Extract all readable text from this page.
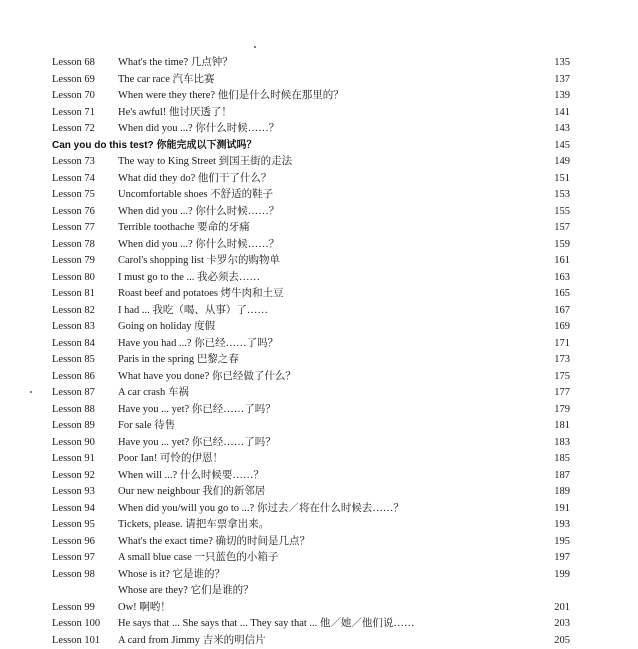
Lesson 68 What's the time? 几点钟？	135
Lesson 69 The car race 汽车比赛	137
Lesson 70 When were they there? 他们是什么时候在那里的？	139
Lesson 71 He's awful! 他讨厌透了！	141
Lesson 72 When did you ...? 你什么时候……？	143
Can you do this test? 你能完成以下测试吗？	145
Lesson 73 The way to King Street 到国王街的走法	149
Lesson 74 What did they do? 他们干了什么？	151
Lesson 75 Uncomfortable shoes 不舒适的鞋子	153
Lesson 76 When did you ...? 你什么时候……？	155
Lesson 77 Terrible toothache 要命的牙痛	157
Lesson 78 When did you ...? 你什么时候……？	159
Lesson 79 Carol's shopping list 卡罗尔的购物单	161
Lesson 80 I must go to the ... 我必须去……	163
Lesson 81 Roast beef and potatoes 烤牛肉和土豆	165
Lesson 82 I had ... 我吃（喝、从事）了……	167
Lesson 83 Going on holiday 度假	169
Lesson 84 Have you had ...? 你已经……了吗？	171
Lesson 85 Paris in the spring 巴黎之春	173
Lesson 86 What have you done? 你已经做了什么？	175
Lesson 87 A car crash 车祸	177
Lesson 88 Have you ... yet? 你已经……了吗？	179
Lesson 89 For sale 待售	181
Lesson 90 Have you ... yet? 你已经……了吗？	183
Lesson 91 Poor Ian! 可怜的伊恩！	185
Lesson 92 When will ...? 什么时候要……？	187
Lesson 93 Our new neighbour 我们的新邻居	189
Lesson 94 When did you/will you go to ...? 你过去／将在什么时候去……？	191
Lesson 95 Tickets, please. 请把车票拿出来。	193
Lesson 96 What's the exact time? 确切的时间是几点？	195
Lesson 97 A small blue case 一只蓝色的小箱子	197
Lesson 98 Whose is it? 它是谁的？	199
Whose are they? 它们是谁的？
Lesson 99 Ow! 啊哟！	201
Lesson 100 He says that ... She says that ... They say that ... 他／她／他们说……	203
Lesson 101 A card from Jimmy 吉米的明信片	205
